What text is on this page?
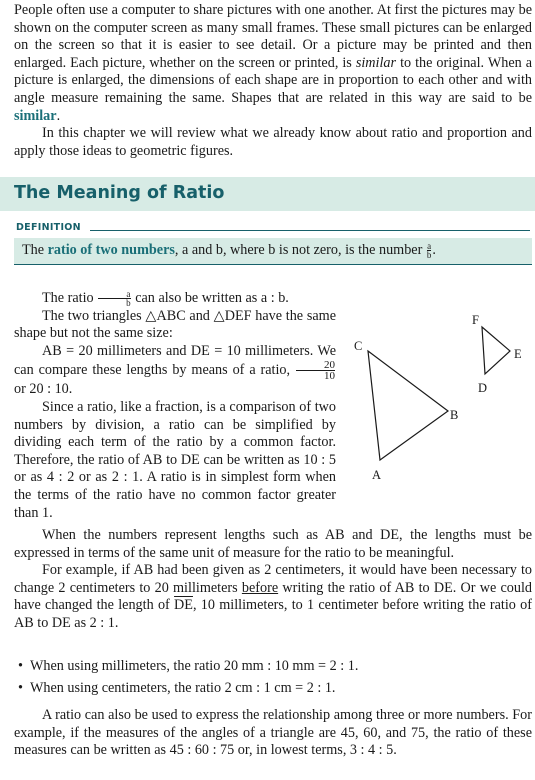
People often use a computer to share pictures with one another. At first the pictures may be shown on the computer screen as many small frames. These small pictures can be enlarged on the screen so that it is easier to see detail. Or a picture may be printed and then enlarged. Each picture, whether on the screen or printed, is similar to the original. When a picture is enlarged, the dimensions of each shape are in proportion to each other and with angle measure remaining the same. Shapes that are related in this way are said to be similar.

In this chapter we will review what we already know about ratio and proportion and apply those ideas to geometric figures.

The Meaning of Ratio
DEFINITION
The ratio of two numbers, a and b, where b is not zero, is the number $\frac{a}{b}$ .

The ratio $\frac{a}{b}$ can also be written as a : b.

The two triangles △ABC and △DEF have the same shape but not the same size:

AB = 20 millimeters and DE = 10 millimeters. We can compare these lengths by means of a ratio, $\frac{20}{10}$
or 20 : 10.

Since a ratio, like a fraction, is a comparison of two numbers by division, a ratio can be simplified by dividing each term of the ratio by a common factor. Therefore, the ratio of AB to DE can be written as 10 : 5 or as 4 : 2 or as 2 : 1. A ratio is in simplest form when the terms of the ratio have no common factor greater than 1.

When the numbers represent lengths such as AB and DE, the lengths must be expressed in terms of the same unit of measure for the ratio to be meaningful.

For example, if AB had been given as 2 centimeters, it would have been necessary to change 2 centimeters to 20 millimeters before writing the ratio of AB to DE. Or we could have changed the length of $\overline{DE}$, 10 millimeters, to 1 centimeter before writing the ratio of AB to DE as 2 : 1.

• When using millimeters, the ratio 20 mm : 10 mm = 2 : 1.
• When using centimeters, the ratio 2 cm : 1 cm = 2 : 1.

A ratio can also be used to express the relationship among three or more numbers. For example, if the measures of the angles of a triangle are 45, 60, and 75, the ratio of these measures can be written as 45 : 60 : 75 or, in lowest terms, 3 : 4 : 5.

C
B
A
F
E
D
